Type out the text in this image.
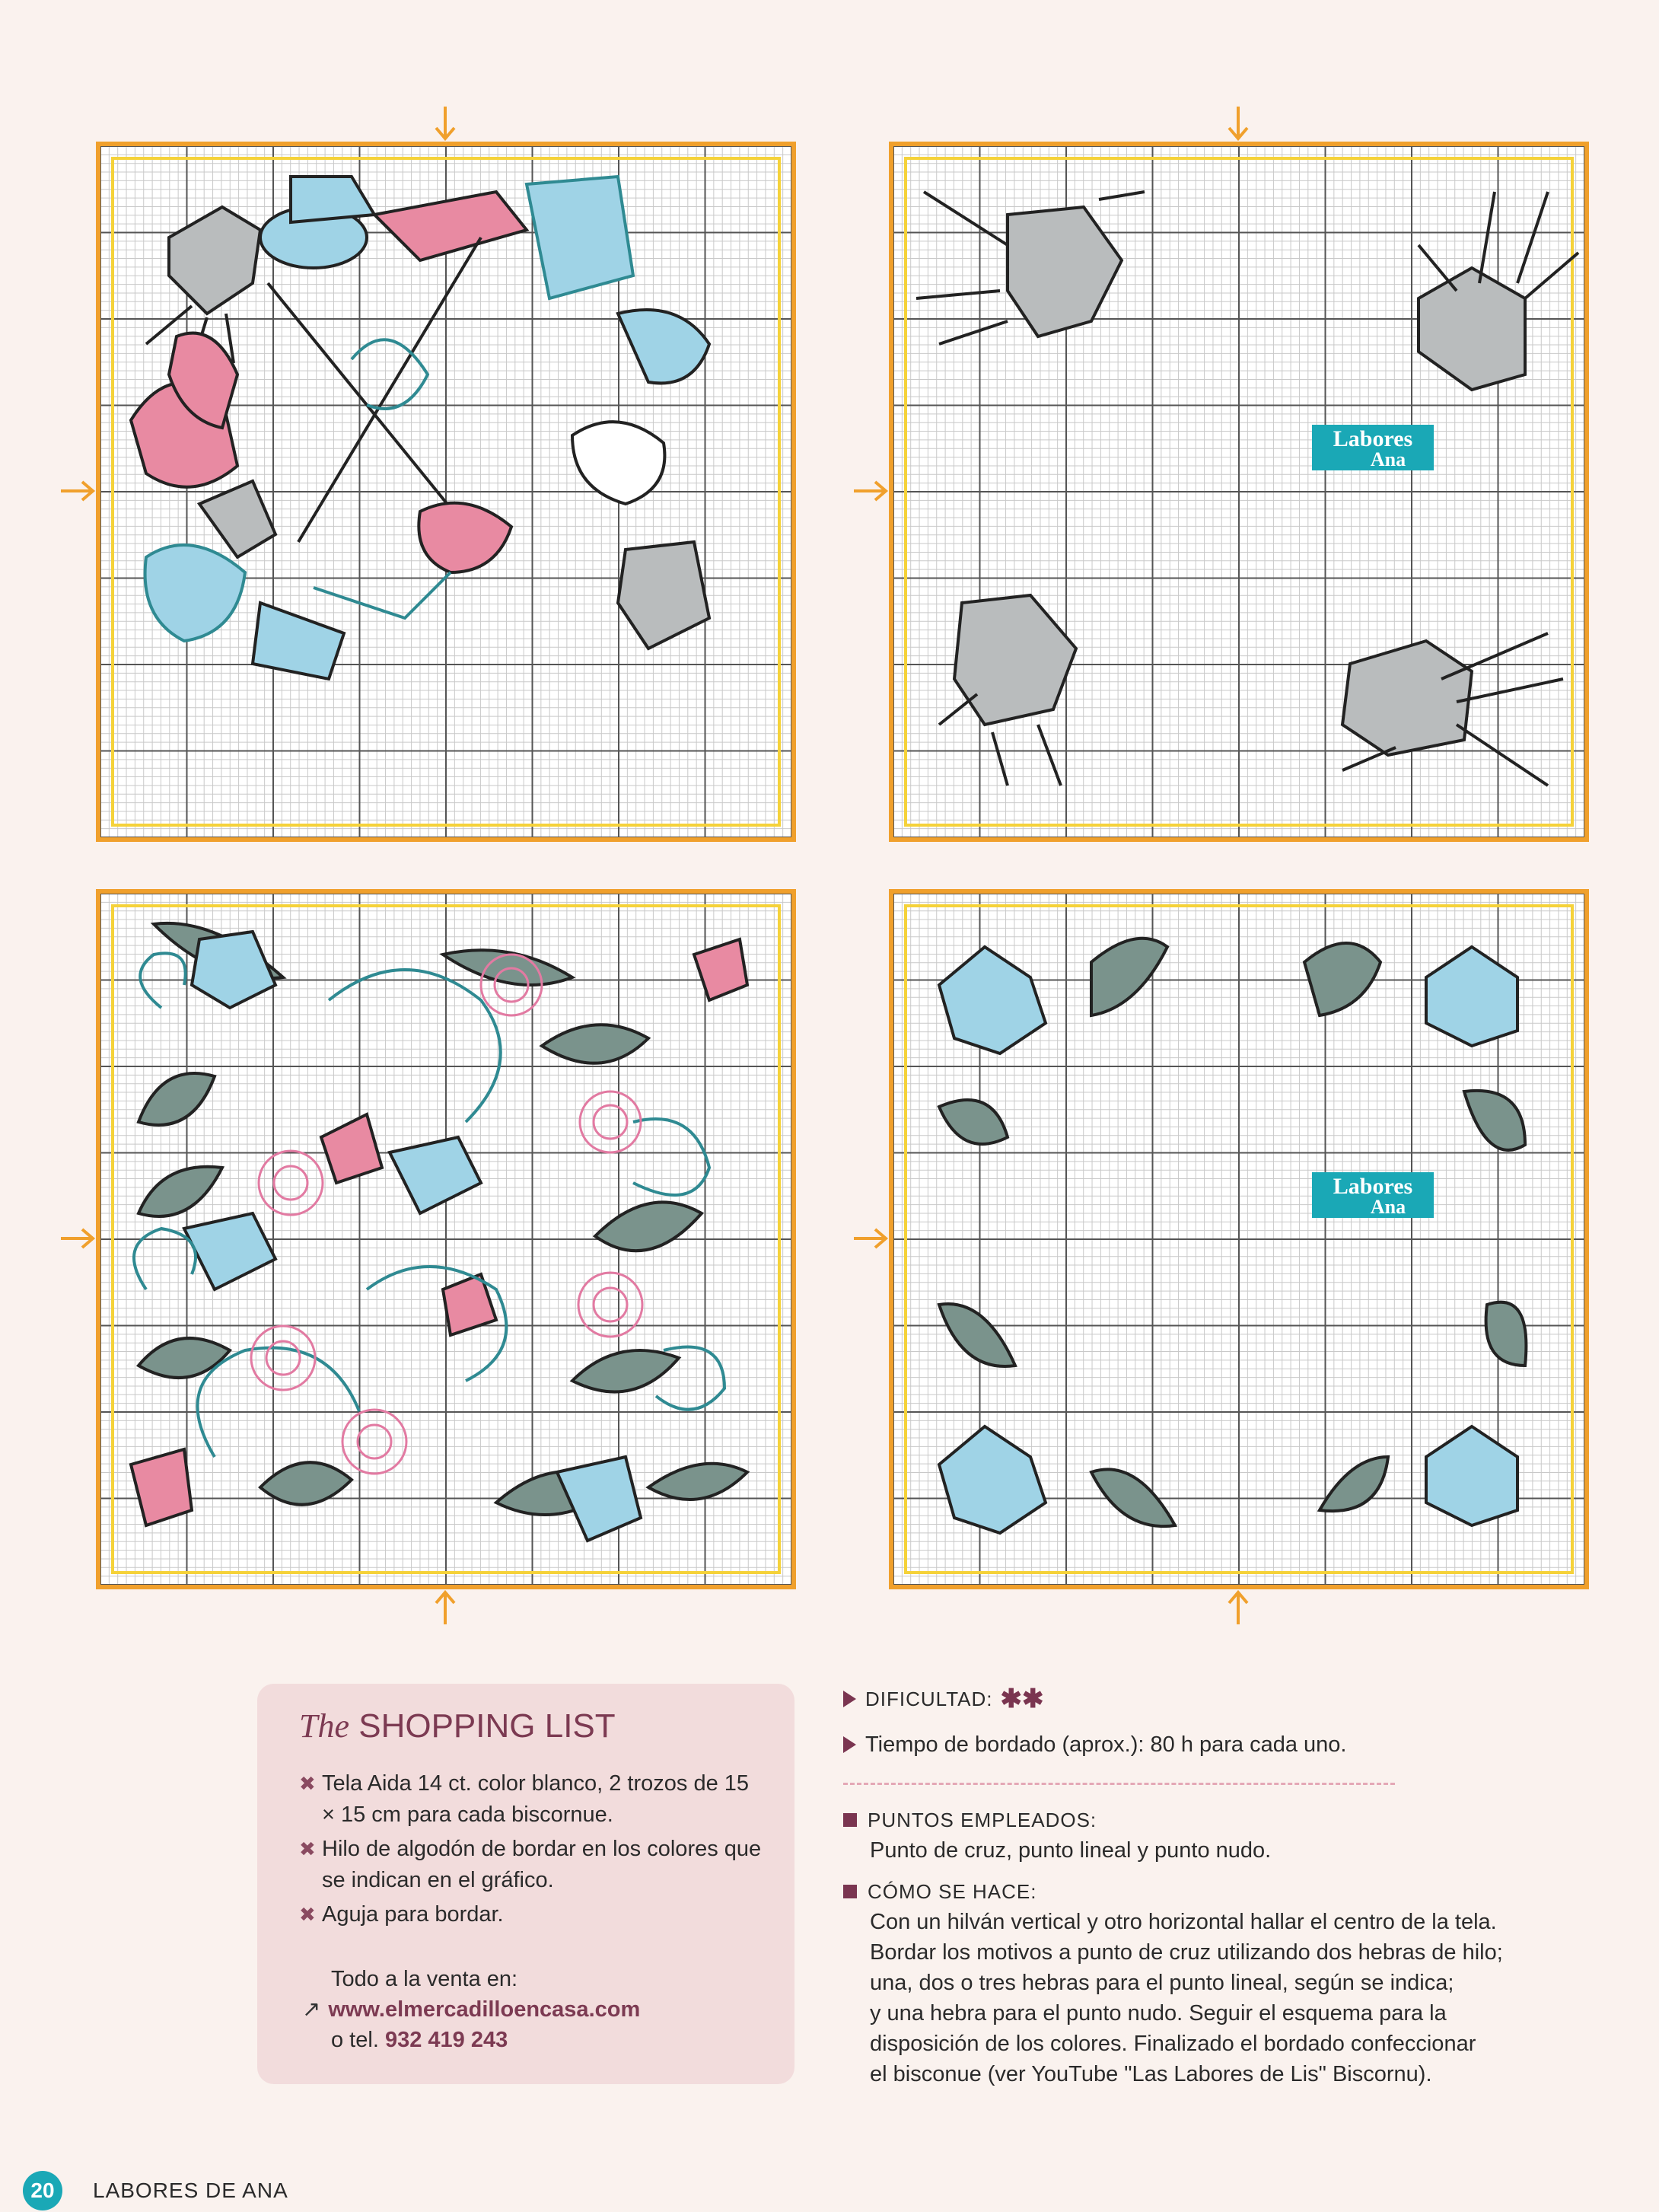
Labores
Ana
Labores
Ana
The SHOPPING LIST
✖ Tela Aida 14 ct. color blanco, 2 trozos de 15 × 15 cm para cada biscornue.
✖ Hilo de algodón de bordar en los colores que se indican en el gráfico.
✖ Aguja para bordar.
Todo a la venta en:
↗ www.elmercadilloencasa.com
o tel. 932 419 243
DIFICULTAD: ✱✱
Tiempo de bordado (aprox.): 80 h para cada uno.
PUNTOS EMPLEADOS:
Punto de cruz, punto lineal y punto nudo.
CÓMO SE HACE:
Con un hilván vertical y otro horizontal hallar el centro de la tela.
Bordar los motivos a punto de cruz utilizando dos hebras de hilo;
una, dos o tres hebras para el punto lineal, según se indica;
y una hebra para el punto nudo. Seguir el esquema para la
disposición de los colores. Finalizado el bordado confeccionar
el bisconue (ver YouTube "Las Labores de Lis" Biscornu).
20	LABORES DE ANA
